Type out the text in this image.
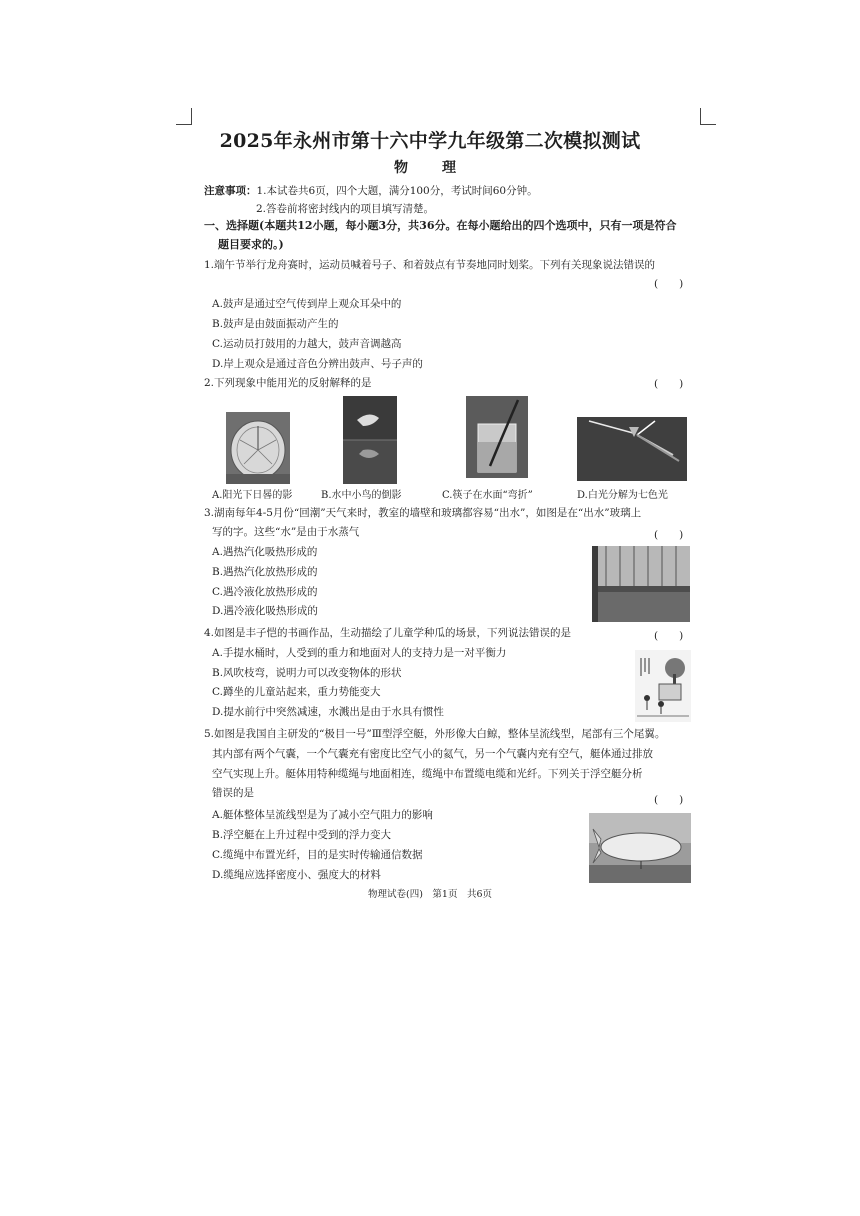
2025年永州市第十六中学九年级第二次模拟测试
物　理
注意事项：1.本试卷共6页，四个大题，满分100分，考试时间60分钟。
2.答卷前将密封线内的项目填写清楚。
一、选择题(本题共12小题，每小题3分，共36分。在每小题给出的四个选项中，只有一项是符合
题目要求的。)
1.端午节举行龙舟赛时，运动员喊着号子、和着鼓点有节奏地同时划桨。下列有关现象说法错误的
(　　)
A.鼓声是通过空气传到岸上观众耳朵中的
B.鼓声是由鼓面振动产生的
C.运动员打鼓用的力越大，鼓声音调越高
D.岸上观众是通过音色分辨出鼓声、号子声的
2.下列现象中能用光的反射解释的是	(　　)
A.阳光下日晷的影	B.水中小鸟的倒影	C.筷子在水面“弯折”	D.白光分解为七色光
3.湖南每年4-5月份“回潮”天气来时，教室的墙壁和玻璃都容易“出水”，如图是在“出水”玻璃上
写的字。这些“水”是由于水蒸气	(　　)
A.遇热汽化吸热形成的
B.遇热汽化放热形成的
C.遇冷液化放热形成的
D.遇冷液化吸热形成的
4.如图是丰子恺的书画作品，生动描绘了儿童学种瓜的场景，下列说法错误的是	(　　)
A.手提水桶时，人受到的重力和地面对人的支持力是一对平衡力
B.风吹枝弯，说明力可以改变物体的形状
C.蹲坐的儿童站起来，重力势能变大
D.提水前行中突然减速，水溅出是由于水具有惯性
5.如图是我国自主研发的“极目一号”Ⅲ型浮空艇，外形像大白鲸，整体呈流线型，尾部有三个尾翼。
其内部有两个气囊，一个气囊充有密度比空气小的氦气，另一个气囊内充有空气，艇体通过排放
空气实现上升。艇体用特种缆绳与地面相连，缆绳中布置缆电缆和光纤。下列关于浮空艇分析
错误的是
(　　)
A.艇体整体呈流线型是为了减小空气阻力的影响
B.浮空艇在上升过程中受到的浮力变大
C.缆绳中布置光纤，目的是实时传输通信数据
D.缆绳应选择密度小、强度大的材料
物理试卷(四)　第1页　共6页
